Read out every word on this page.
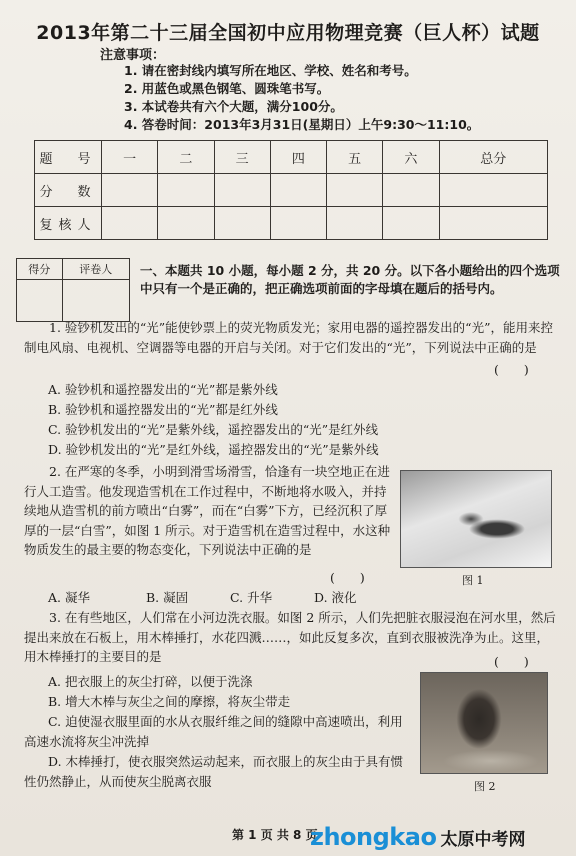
2013年第二十三届全国初中应用物理竞赛（巨人杯）试题
注意事项：
1. 请在密封线内填写所在地区、学校、姓名和考号。
2. 用蓝色或黑色钢笔、圆珠笔书写。
3. 本试卷共有六个大题，满分100分。
4. 答卷时间：2013年3月31日(星期日）上午9:30～11:10。
题　号	一	二	三	四	五	六	总分
分　数							
复核人							
得分	评卷人
	一、本题共 10 小题，每小题 2 分，共 20 分。以下各小题给出的四个选项中只有一个是正确的，把正确选项前面的字母填在题后的括号内。

1. 验钞机发出的“光”能使钞票上的荧光物质发光；家用电器的遥控器发出的“光”，能用来控制电风扇、电视机、空调器等电器的开启与关闭。对于它们发出的“光”，下列说法中正确的是

(　　)
A. 验钞机和遥控器发出的“光”都是紫外线
B. 验钞机和遥控器发出的“光”都是红外线
C. 验钞机发出的“光”是紫外线，遥控器发出的“光”是红外线
D. 验钞机发出的“光”是红外线，遥控器发出的“光”是紫外线

2. 在严寒的冬季，小明到滑雪场滑雪，恰逢有一块空地正在进行人工造雪。他发现造雪机在工作过程中，不断地将水吸入，并持续地从造雪机的前方喷出“白雾”，而在“白雾”下方，已经沉积了厚厚的一层“白雪”，如图 1 所示。对于造雪机在造雪过程中，水这种物质发生的最主要的物态变化，下列说法中正确的是

(　　)	图 1
A. 凝华	B. 凝固	C. 升华	D. 液化

3. 在有些地区，人们常在小河边洗衣服。如图 2 所示，人们先把脏衣服浸泡在河水里，然后提出来放在石板上，用木棒捶打，水花四溅……，如此反复多次，直到衣服被洗净为止。这里，用木棒捶打的主要目的是	(　　)
图 2
A. 把衣服上的灰尘打碎，以便于洗涤
B. 增大木棒与灰尘之间的摩擦，将灰尘带走

C. 迫使湿衣服里面的水从衣服纤维之间的缝隙中高速喷出，利用高速水流将灰尘冲洗掉

D. 木棒捶打，使衣服突然运动起来，而衣服上的灰尘由于具有惯性仍然静止，从而使灰尘脱离衣服

第 1 页 共 8 页
zhongkao 太原中考网
